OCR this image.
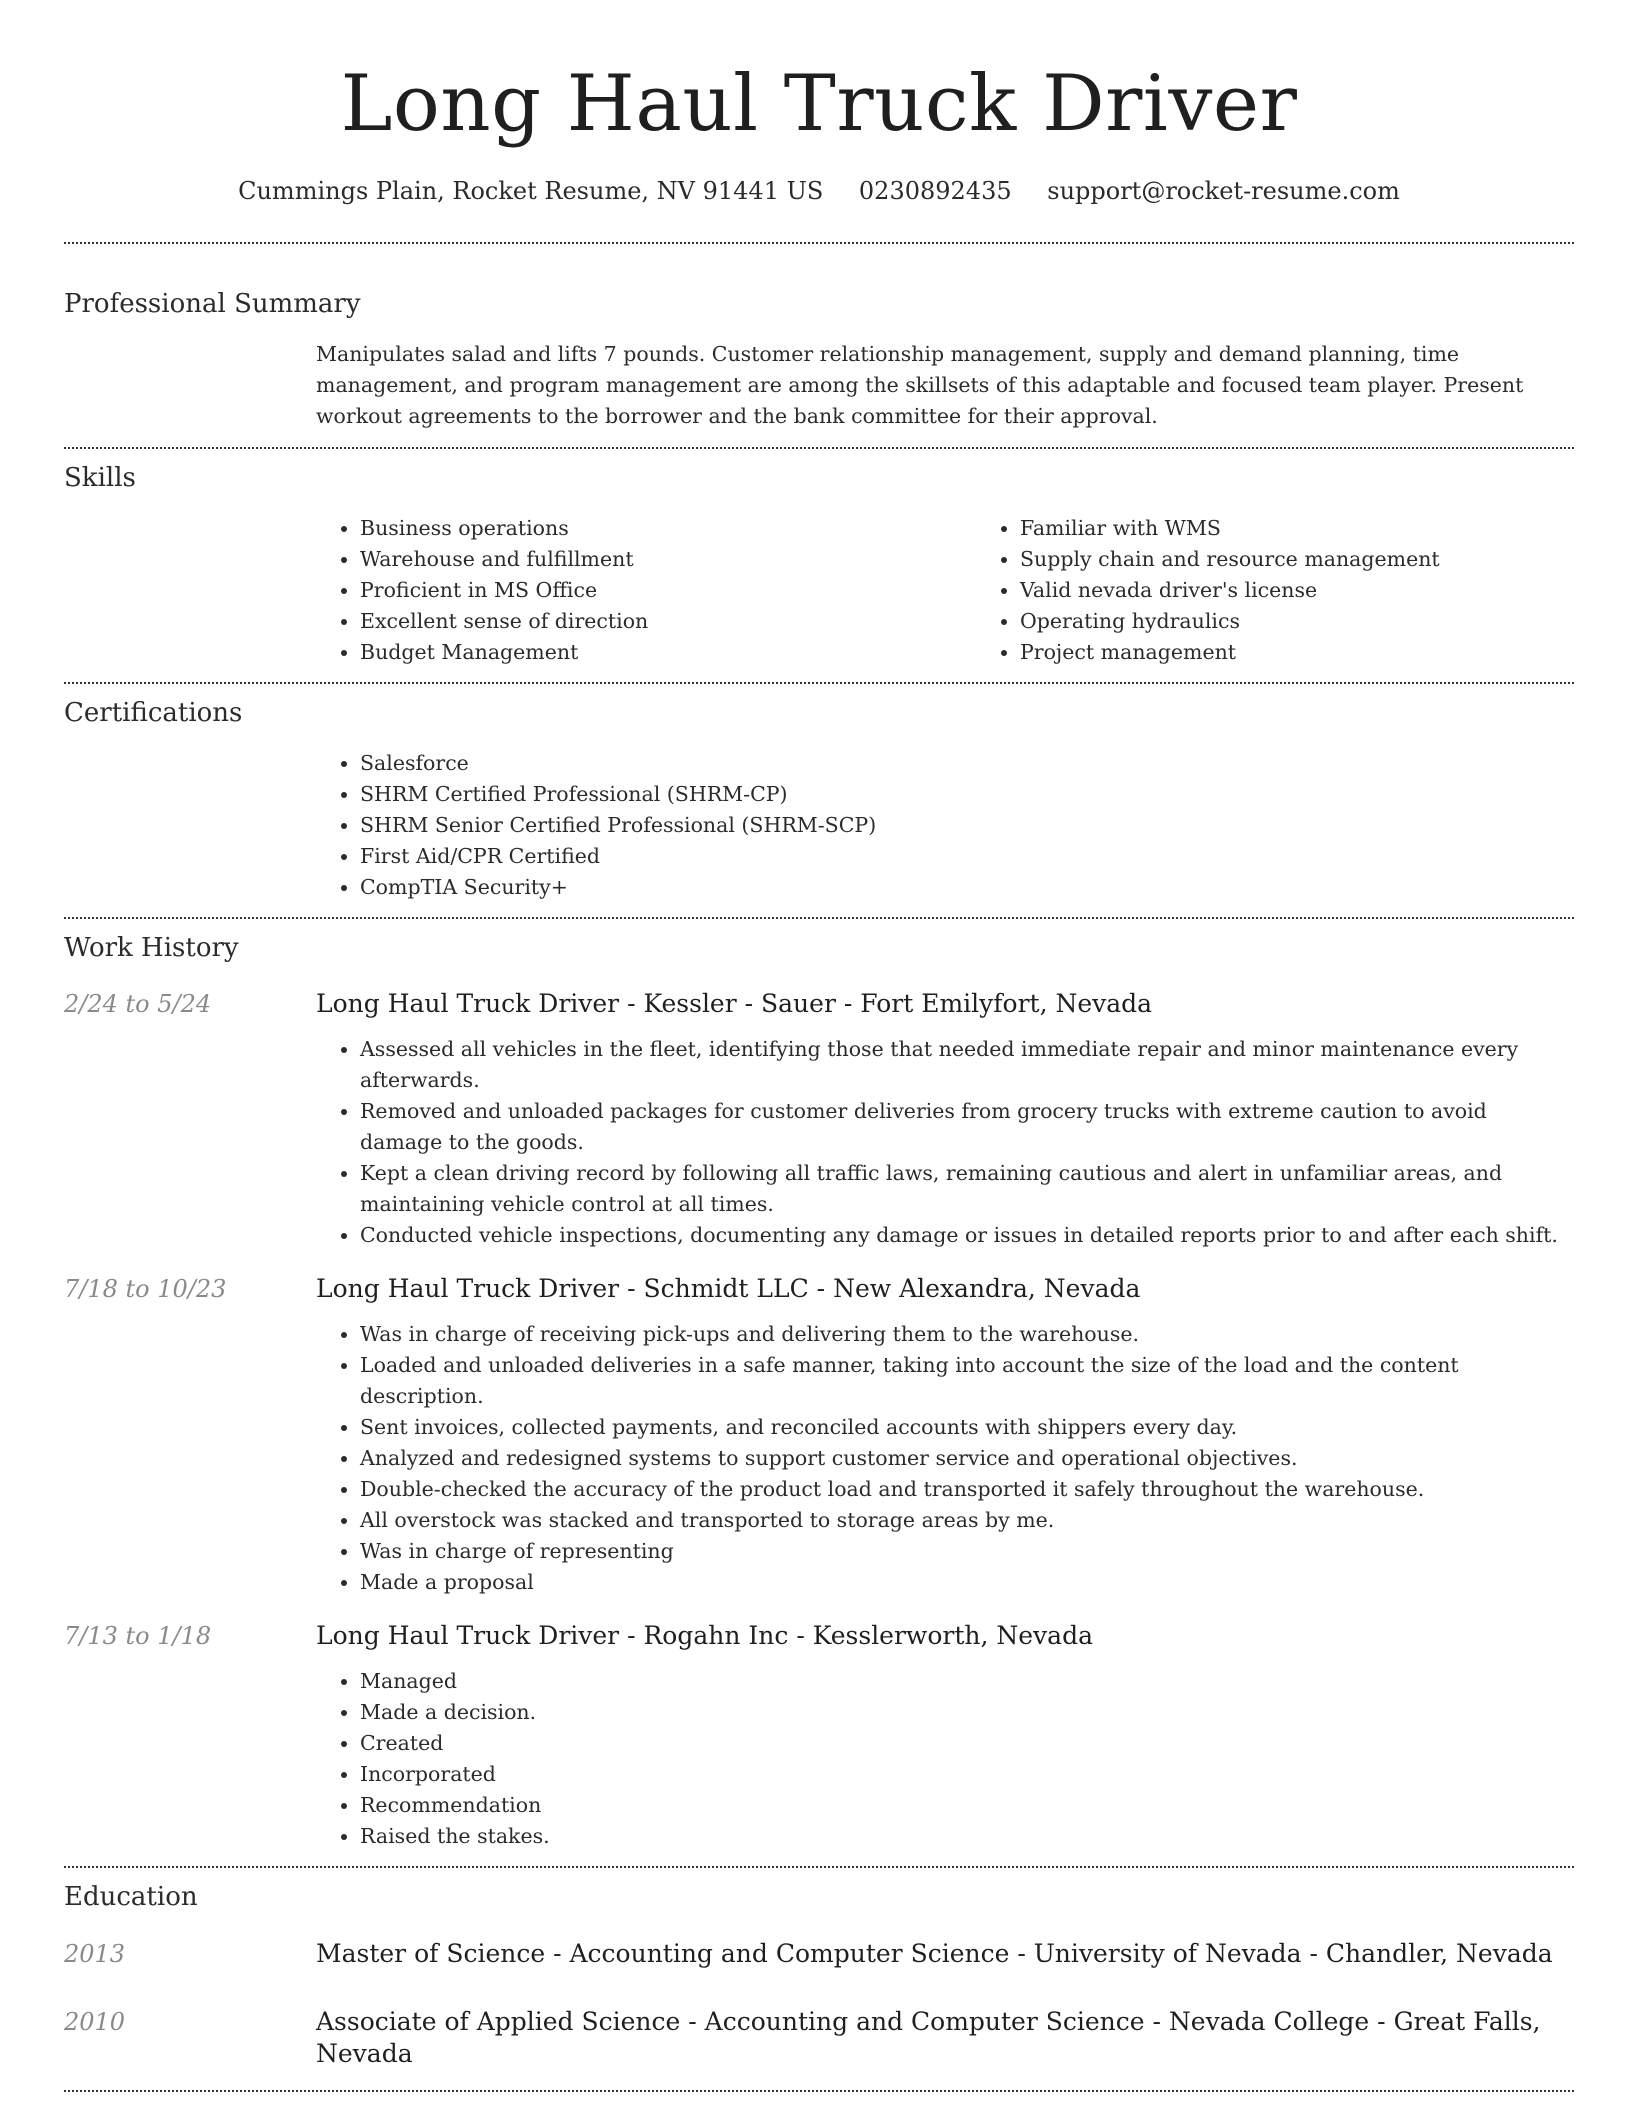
Long Haul Truck Driver
Cummings Plain, Rocket Resume, NV 91441 US 0230892435 support@rocket-resume.com
Professional Summary

Manipulates salad and lifts 7 pounds. Customer relationship management, supply and demand planning, time management, and program management are among the skillsets of this adaptable and focused team player. Present workout agreements to the borrower and the bank committee for their approval.

Skills
• Business operations
• Warehouse and fulfillment
• Proficient in MS Office
• Excellent sense of direction
• Budget Management
• Familiar with WMS
• Supply chain and resource management
• Valid nevada driver's license
• Operating hydraulics
• Project management
Certifications
• Salesforce
• SHRM Certified Professional (SHRM-CP)
• SHRM Senior Certified Professional (SHRM-SCP)
• First Aid/CPR Certified
• CompTIA Security+
Work History
2/24 to 5/24	Long Haul Truck Driver - Kessler - Sauer - Fort Emilyfort, Nevada
• Assessed all vehicles in the fleet, identifying those that needed immediate repair and minor maintenance every afterwards.
• Removed and unloaded packages for customer deliveries from grocery trucks with extreme caution to avoid damage to the goods.
• Kept a clean driving record by following all traffic laws, remaining cautious and alert in unfamiliar areas, and maintaining vehicle control at all times.
• Conducted vehicle inspections, documenting any damage or issues in detailed reports prior to and after each shift.
7/18 to 10/23	Long Haul Truck Driver - Schmidt LLC - New Alexandra, Nevada
• Was in charge of receiving pick-ups and delivering them to the warehouse.
• Loaded and unloaded deliveries in a safe manner, taking into account the size of the load and the content description.
• Sent invoices, collected payments, and reconciled accounts with shippers every day.
• Analyzed and redesigned systems to support customer service and operational objectives.
• Double-checked the accuracy of the product load and transported it safely throughout the warehouse.
• All overstock was stacked and transported to storage areas by me.
• Was in charge of representing
• Made a proposal
7/13 to 1/18	Long Haul Truck Driver - Rogahn Inc - Kesslerworth, Nevada
• Managed
• Made a decision.
• Created
• Incorporated
• Recommendation
• Raised the stakes.
Education
2013	Master of Science - Accounting and Computer Science - University of Nevada - Chandler, Nevada
2010	Associate of Applied Science - Accounting and Computer Science - Nevada College - Great Falls, Nevada
